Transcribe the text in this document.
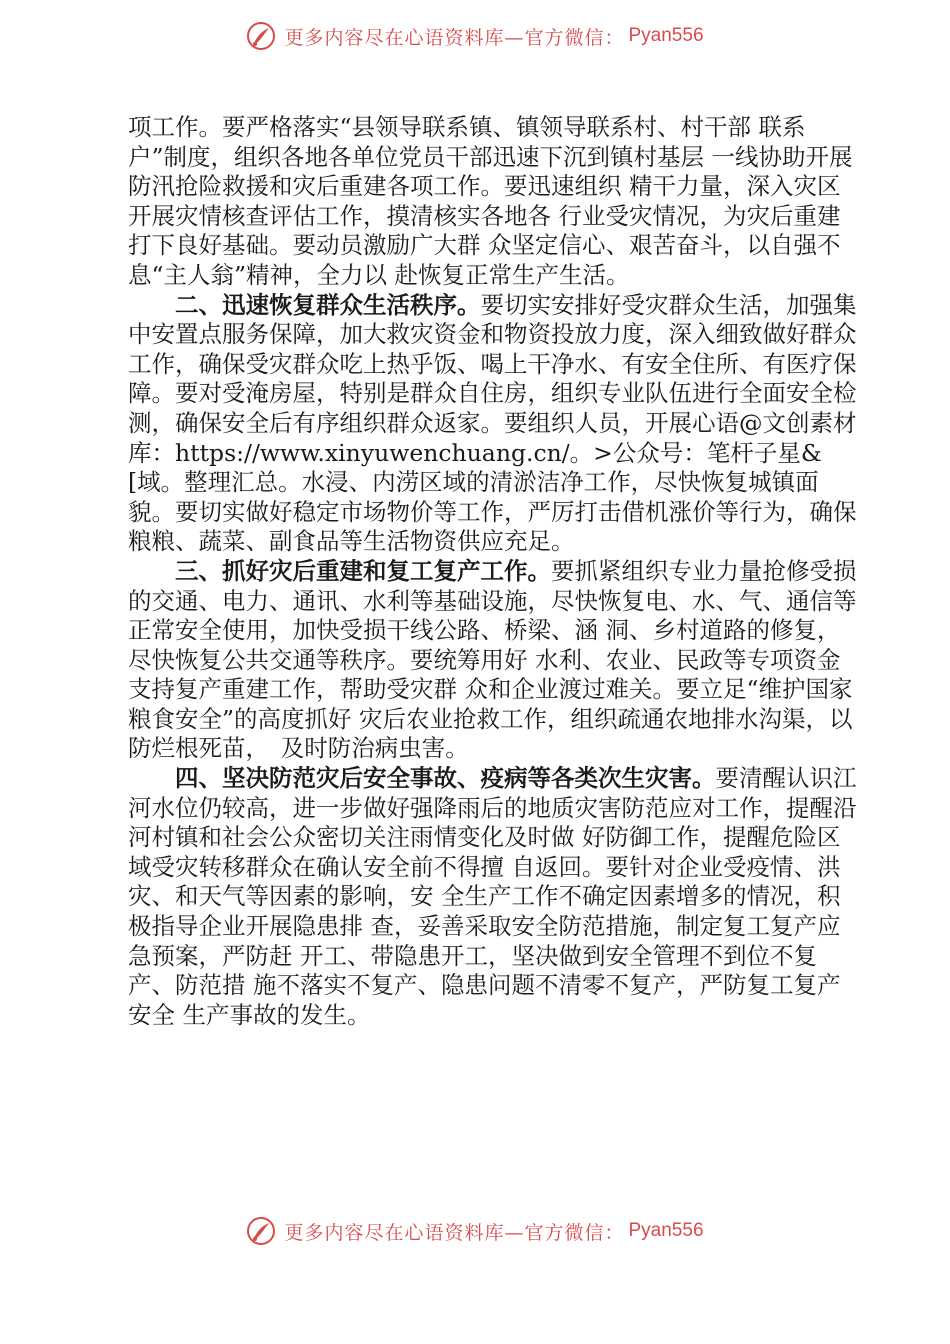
更多内容尽在心语资料库—官方微信： Pyan556

项工作。要严格落实“县领导联系镇、镇领导联系村、村干部 联系户”制度，组织各地各单位党员干部迅速下沉到镇村基层 一线协助开展防汛抢险救援和灾后重建各项工作。要迅速组织 精干力量，深入灾区开展灾情核查评估工作，摸清核实各地各 行业受灾情况，为灾后重建打下良好基础。要动员激励广大群 众坚定信心、艰苦奋斗，以自强不息“主人翁”精神，全力以 赴恢复正常生产生活。

二、迅速恢复群众生活秩序。要切实安排好受灾群众生活，加强集中安置点服务保障，加大救灾资金和物资投放力度，深入细致做好群众工作，确保受灾群众吃上热乎饭、喝上干净水、有安全住所、有医疗保障。要对受淹房屋，特别是群众自住房，组织专业队伍进行全面安全检测，确保安全后有序组织群众返家。要组织人员，开展心语@文创素材库：https://www.xinyuwenchuang.cn/。>公众号：笔杆子星&[域。整理汇总。水浸、内涝区域的清淤洁净工作，尽快恢复城镇面貌。要切实做好稳定市场物价等工作，严厉打击借机涨价等行为，确保粮粮、蔬菜、副食品等生活物资供应充足。

三、抓好灾后重建和复工复产工作。要抓紧组织专业力量抢修受损的交通、电力、通讯、水利等基础设施，尽快恢复电、水、气、通信等正常安全使用，加快受损干线公路、桥梁、涵 洞、乡村道路的修复，尽快恢复公共交通等秩序。要统筹用好 水利、农业、民政等专项资金支持复产重建工作，帮助受灾群 众和企业渡过难关。要立足“维护国家粮食安全”的高度抓好 灾后农业抢救工作，组织疏通农地排水沟渠，以防烂根死苗，　及时防治病虫害。

四、坚决防范灾后安全事故、疫病等各类次生灾害。要清醒认识江河水位仍较高，进一步做好强降雨后的地质灾害防范应对工作，提醒沿河村镇和社会公众密切关注雨情变化及时做 好防御工作，提醒危险区域受灾转移群众在确认安全前不得擅 自返回。要针对企业受疫情、洪灾、和天气等因素的影响，安 全生产工作不确定因素增多的情况，积极指导企业开展隐患排 查，妥善采取安全防范措施，制定复工复产应急预案，严防赶 开工、带隐患开工，坚决做到安全管理不到位不复产、防范措 施不落实不复产、隐患问题不清零不复产，严防复工复产安全 生产事故的发生。

更多内容尽在心语资料库—官方微信： Pyan556
